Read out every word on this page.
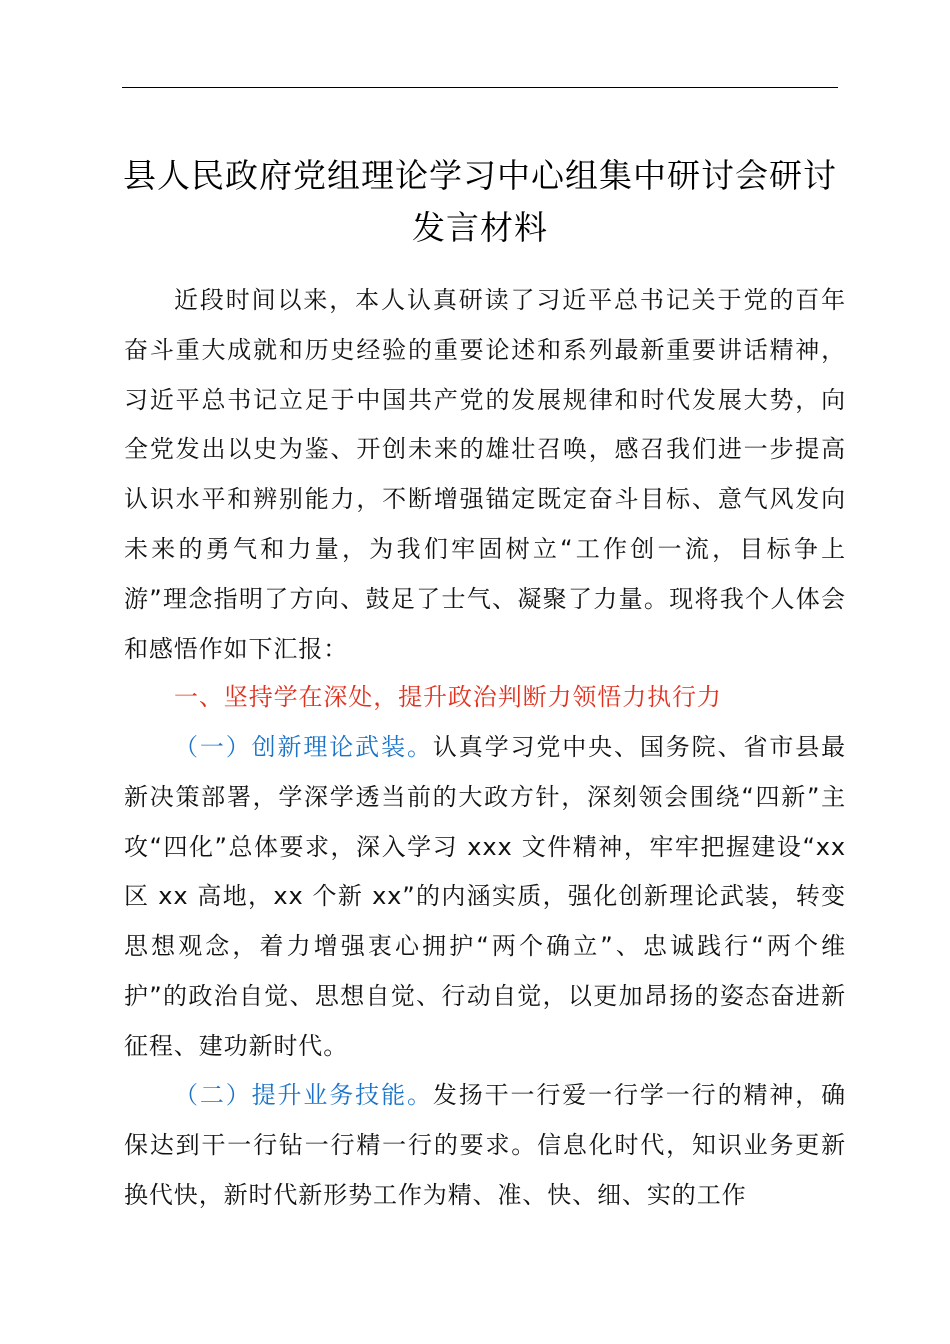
县人民政府党组理论学习中心组集中研讨会研讨发言材料

近段时间以来，本人认真研读了习近平总书记关于党的百年奋斗重大成就和历史经验的重要论述和系列最新重要讲话精神，习近平总书记立足于中国共产党的发展规律和时代发展大势，向全党发出以史为鉴、开创未来的雄壮召唤，感召我们进一步提高认识水平和辨别能力，不断增强锚定既定奋斗目标、意气风发向未来的勇气和力量，为我们牢固树立“工作创一流，目标争上游”理念指明了方向、鼓足了士气、凝聚了力量。现将我个人体会和感悟作如下汇报：

一、坚持学在深处，提升政治判断力领悟力执行力

（一）创新理论武装。认真学习党中央、国务院、省市县最新决策部署，学深学透当前的大政方针，深刻领会围绕“四新”主攻“四化”总体要求，深入学习 xxx 文件精神，牢牢把握建设“xx 区 xx 高地，xx 个新 xx”的内涵实质，强化创新理论武装，转变思想观念，着力增强衷心拥护“两个确立”、忠诚践行“两个维护”的政治自觉、思想自觉、行动自觉，以更加昂扬的姿态奋进新征程、建功新时代。

（二）提升业务技能。发扬干一行爱一行学一行的精神，确保达到干一行钻一行精一行的要求。信息化时代，知识业务更新换代快，新时代新形势工作为精、准、快、细、实的工作
